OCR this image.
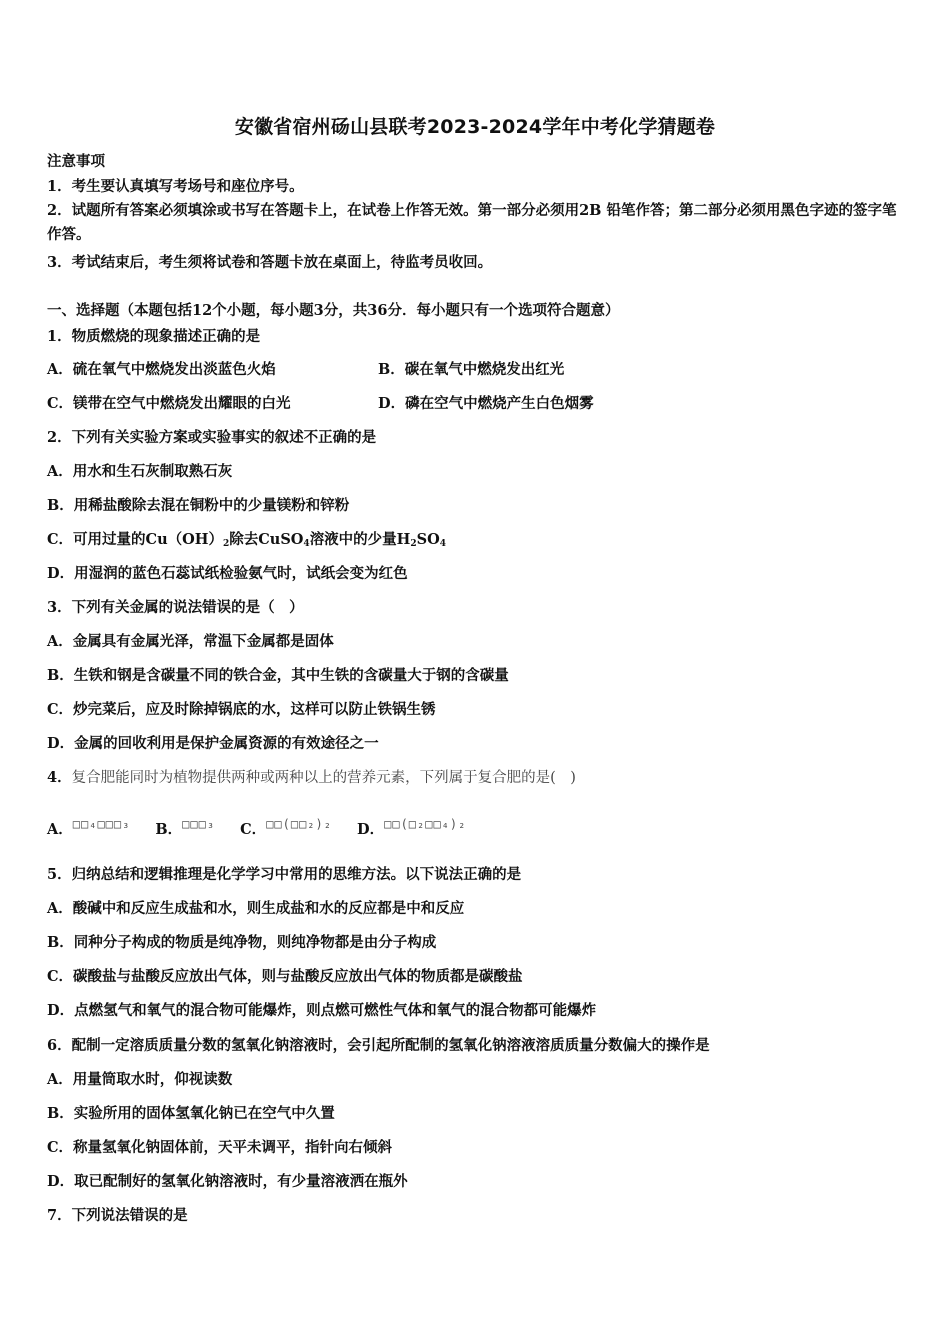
安徽省宿州砀山县联考2023-2024学年中考化学猜题卷
注意事项
1．考生要认真填写考场号和座位序号。
2．试题所有答案必须填涂或书写在答题卡上，在试卷上作答无效。第一部分必须用2B 铅笔作答；第二部分必须用黑色字迹的签字笔作答。
3．考试结束后，考生须将试卷和答题卡放在桌面上，待监考员收回。
一、选择题（本题包括12个小题，每小题3分，共36分．每小题只有一个选项符合题意）
1．物质燃烧的现象描述正确的是
A．硫在氧气中燃烧发出淡蓝色火焰	B．碳在氧气中燃烧发出红光
C．镁带在空气中燃烧发出耀眼的白光	D．磷在空气中燃烧产生白色烟雾
2．下列有关实验方案或实验事实的叙述不正确的是
A．用水和生石灰制取熟石灰
B．用稀盐酸除去混在铜粉中的少量镁粉和锌粉
C．可用过量的$Cu(OH)_2$除去CuSO$_4$溶液中的少量$H_2SO_4$
D．用湿润的蓝色石蕊试纸检验氨气时，试纸会变为红色
3．下列有关金属的说法错误的是（　）
A．金属具有金属光泽，常温下金属都是固体
B．生铁和钢是含碳量不同的铁合金，其中生铁的含碳量大于钢的含碳量
C．炒完菜后，应及时除掉锅底的水，这样可以防止铁锅生锈
D．金属的回收利用是保护金属资源的有效途径之一
4．复合肥能同时为植物提供两种或两种以上的营养元素，下列属于复合肥的是(　)
A．$^{□□_4□□□_3}$ B．$^{□□□_3}$ C．$^{□□(□□_2)_2}$ D．$^{□□(□_2□□_4)_2}$
5．归纳总结和逻辑推理是化学学习中常用的思维方法。以下说法正确的是
A．酸碱中和反应生成盐和水，则生成盐和水的反应都是中和反应
B．同种分子构成的物质是纯净物，则纯净物都是由分子构成
C．碳酸盐与盐酸反应放出气体，则与盐酸反应放出气体的物质都是碳酸盐
D．点燃氢气和氧气的混合物可能爆炸，则点燃可燃性气体和氧气的混合物都可能爆炸
6．配制一定溶质质量分数的氢氧化钠溶液时，会引起所配制的氢氧化钠溶液溶质质量分数偏大的操作是
A．用量筒取水时，仰视读数
B．实验所用的固体氢氧化钠已在空气中久置
C．称量氢氧化钠固体前，天平未调平，指针向右倾斜
D．取已配制好的氢氧化钠溶液时，有少量溶液洒在瓶外
7．下列说法错误的是
